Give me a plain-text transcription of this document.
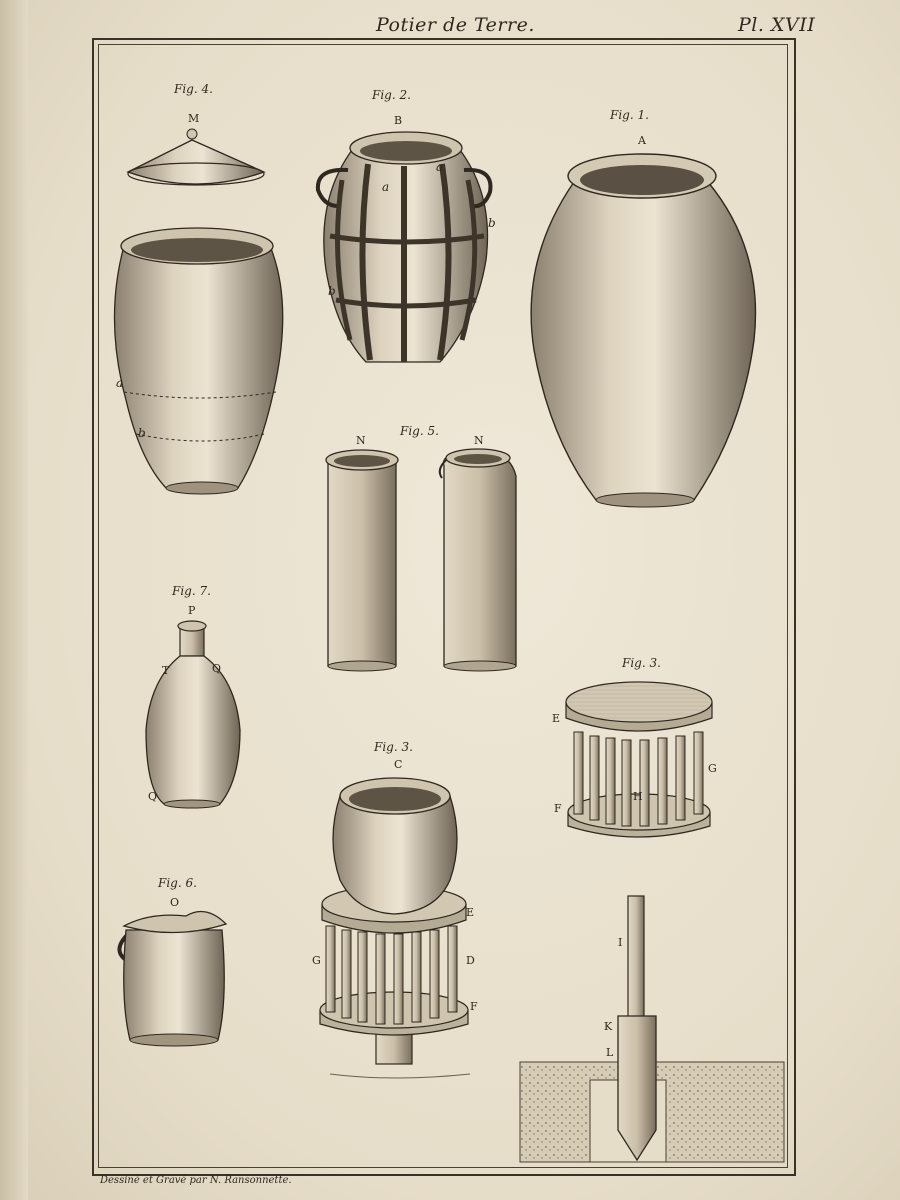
Potier de Terre.	Pl. XVII
Fig. 4.	Fig. 2.
Fig. 1.
Fig. 5.
Fig. 7.
Fig. 3.
Fig. 3.
Fig. 6.
M	B
A
a
a
b
b
a
b
N	N
P
T	Q
Q
E
G
F
H
C
E
G	D
F
O
I
K
L
Dessiné et Gravé par N. Ransonnette.
